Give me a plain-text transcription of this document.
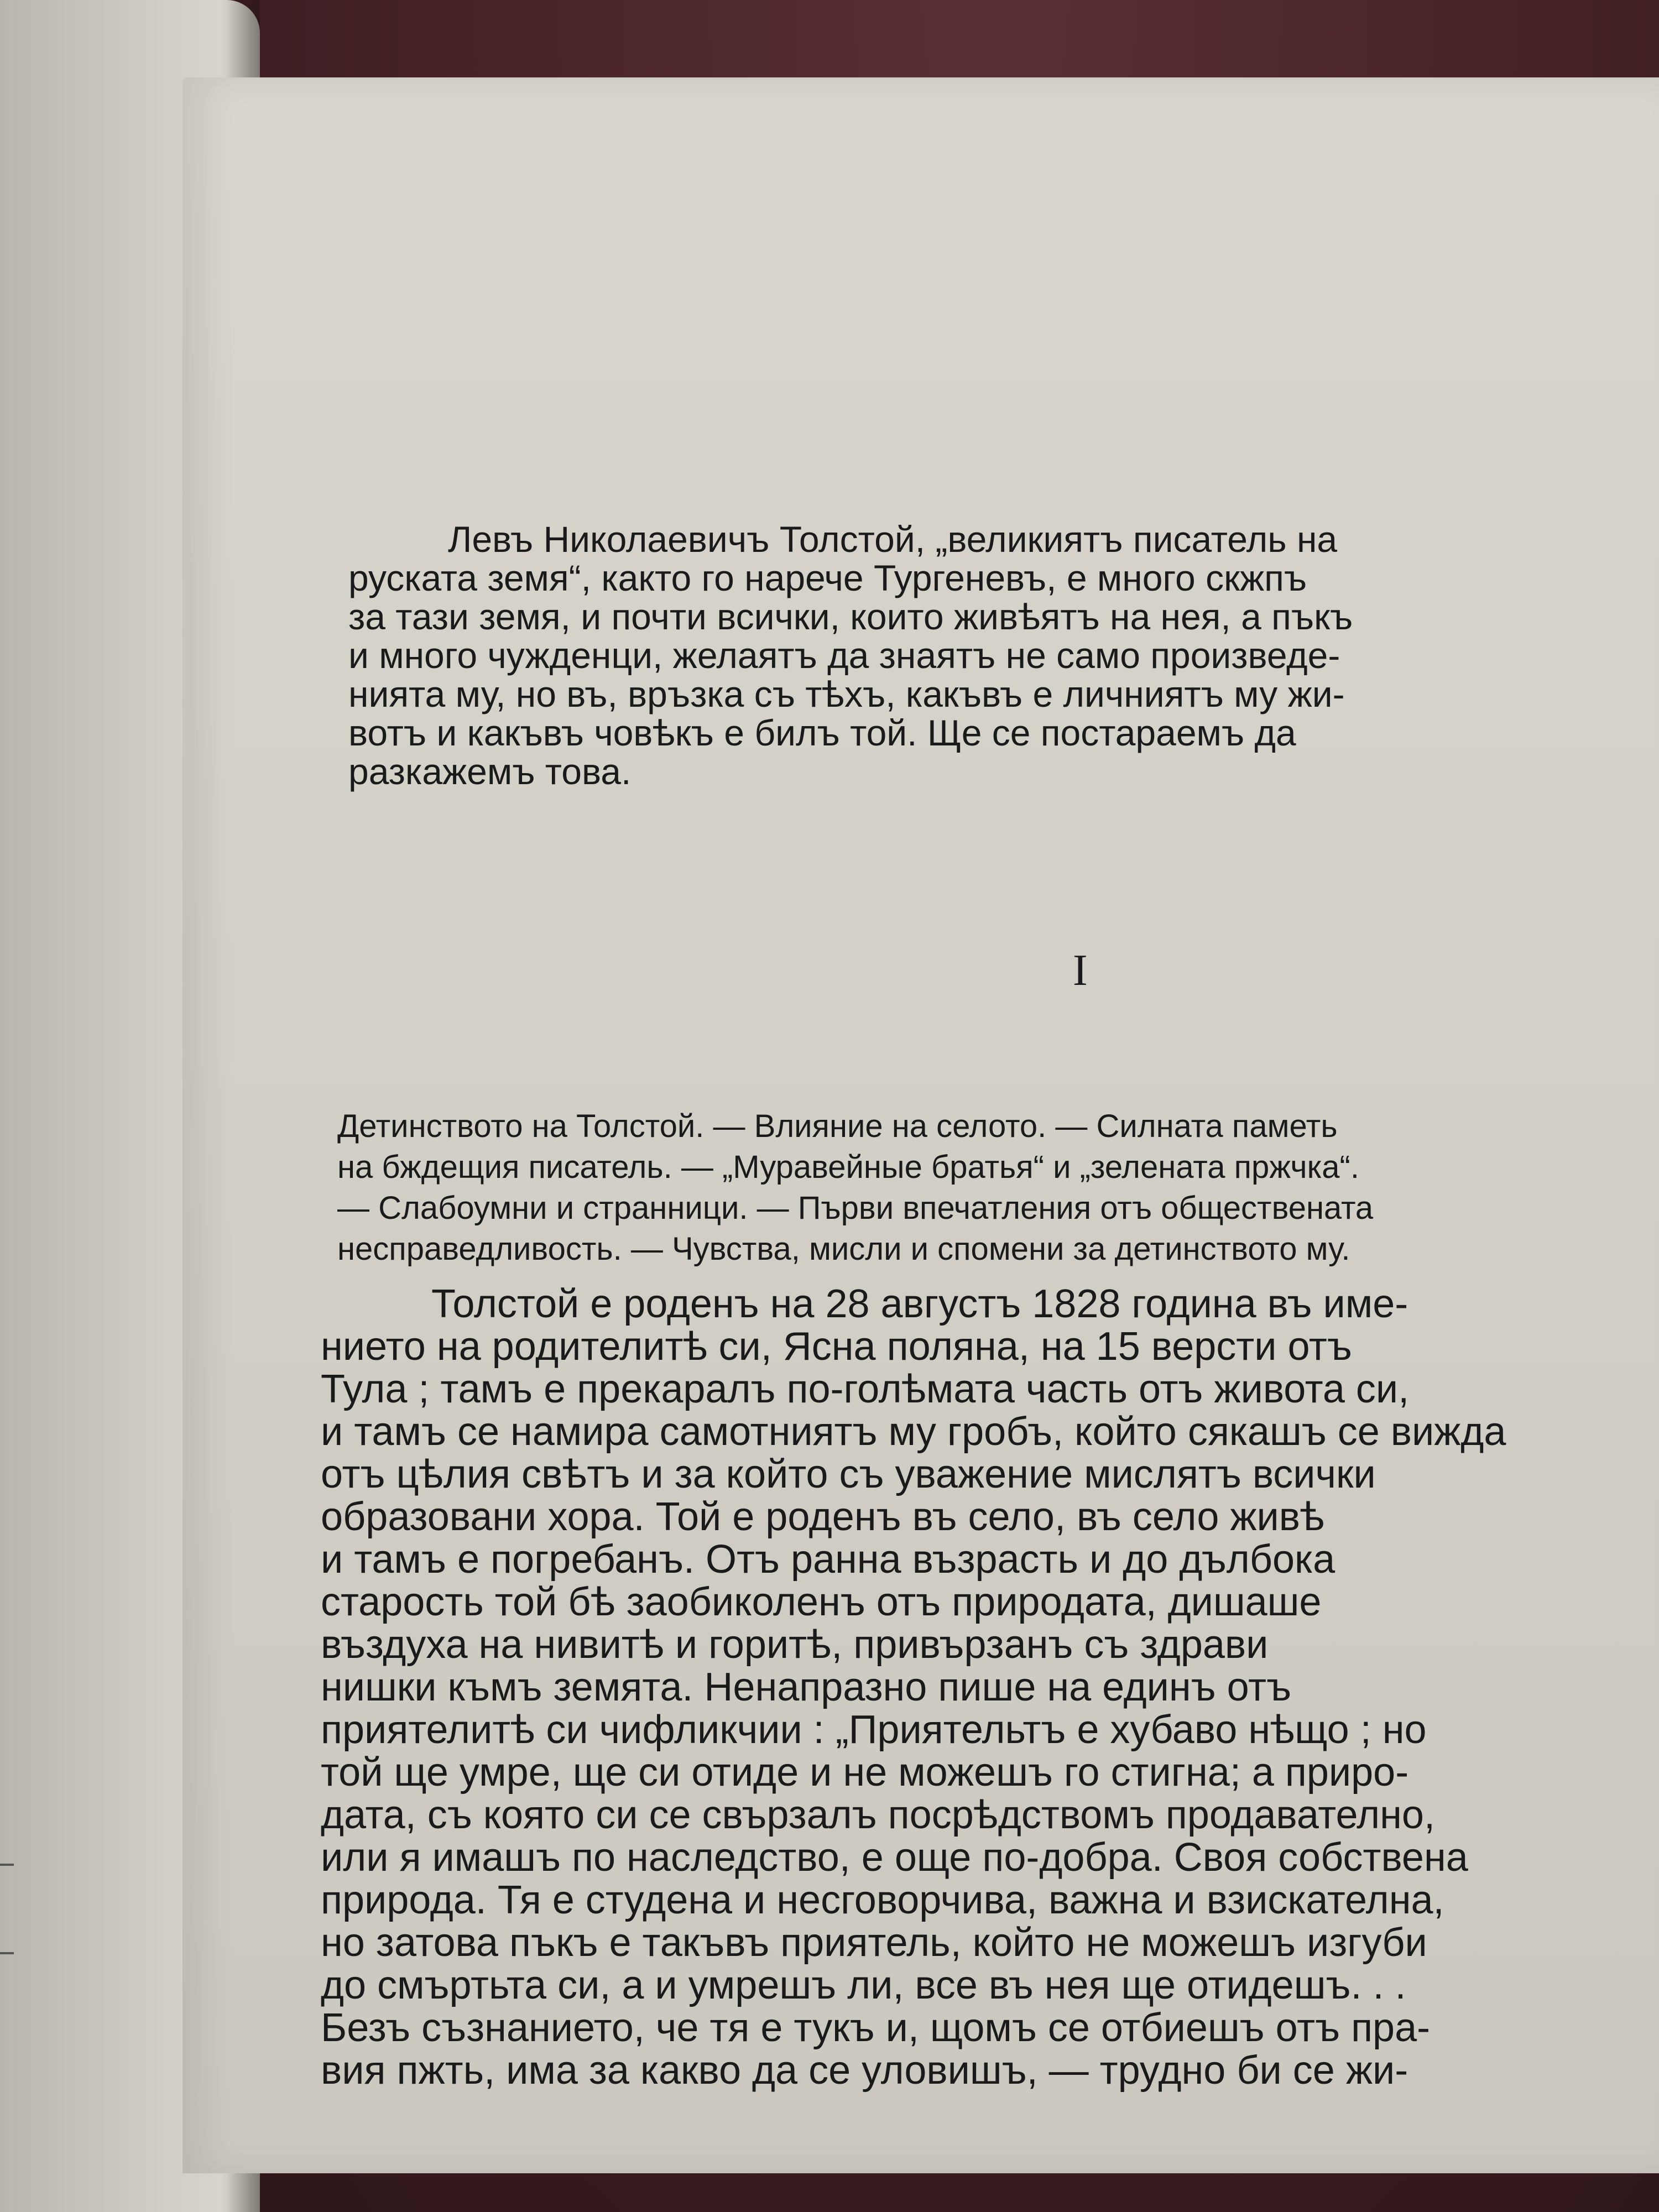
Левъ Николаевичъ Толстой, „великиятъ писатель на
руската земя“, както го нарече Тургеневъ, е много скжпъ
за тази земя, и почти всички, които живѣятъ на нея, а пъкъ
и много чужденци, желаятъ да знаятъ не само произведе-
нията му, но въ, връзка съ тѣхъ, какъвъ е личниятъ му жи-
вотъ и какъвъ човѣкъ е билъ той. Ще се постараемъ да
разкажемъ това.
I
Детинството на Толстой. — Влияние на селото. — Силната паметь
на бждещия писатель. — „Муравейные братья“ и „зелената пржчка“.
— Слабоумни и странници. — Първи впечатления отъ обществената
несправедливость. — Чувства, мисли и спомени за детинството му.
Толстой е роденъ на 28 августъ 1828 година въ име-
нието на родителитѣ си, Ясна поляна, на 15 версти отъ
Тула ; тамъ е прекаралъ по-голѣмата часть отъ живота си,
и тамъ се намира самотниятъ му гробъ, който сякашъ се вижда
отъ цѣлия свѣтъ и за който съ уважение мислятъ всички
образовани хора. Той е роденъ въ село, въ село живѣ
и тамъ е погребанъ. Отъ ранна възрасть и до дълбока
старость той бѣ заобиколенъ отъ природата, дишаше
въздуха на нивитѣ и горитѣ, привързанъ съ здрави
нишки къмъ земята. Ненапразно пише на единъ отъ
приятелитѣ си чифликчии : „Приятельтъ е хубаво нѣщо ; но
той ще умре, ще си отиде и не можешъ го стигна; а приро-
дата, съ която си се свързалъ посрѣдствомъ продавателно,
или я имашъ по наследство, е още по-добра. Своя собствена
природа. Тя е студена и несговорчива, важна и взискателна,
но затова пъкъ е такъвъ приятель, който не можешъ изгуби
до смъртьта си, а и умрешъ ли, все въ нея ще отидешъ. . .
Безъ съзнанието, че тя е тукъ и, щомъ се отбиешъ отъ пра-
вия пжть, има за какво да се уловишъ, — трудно би се жи-
